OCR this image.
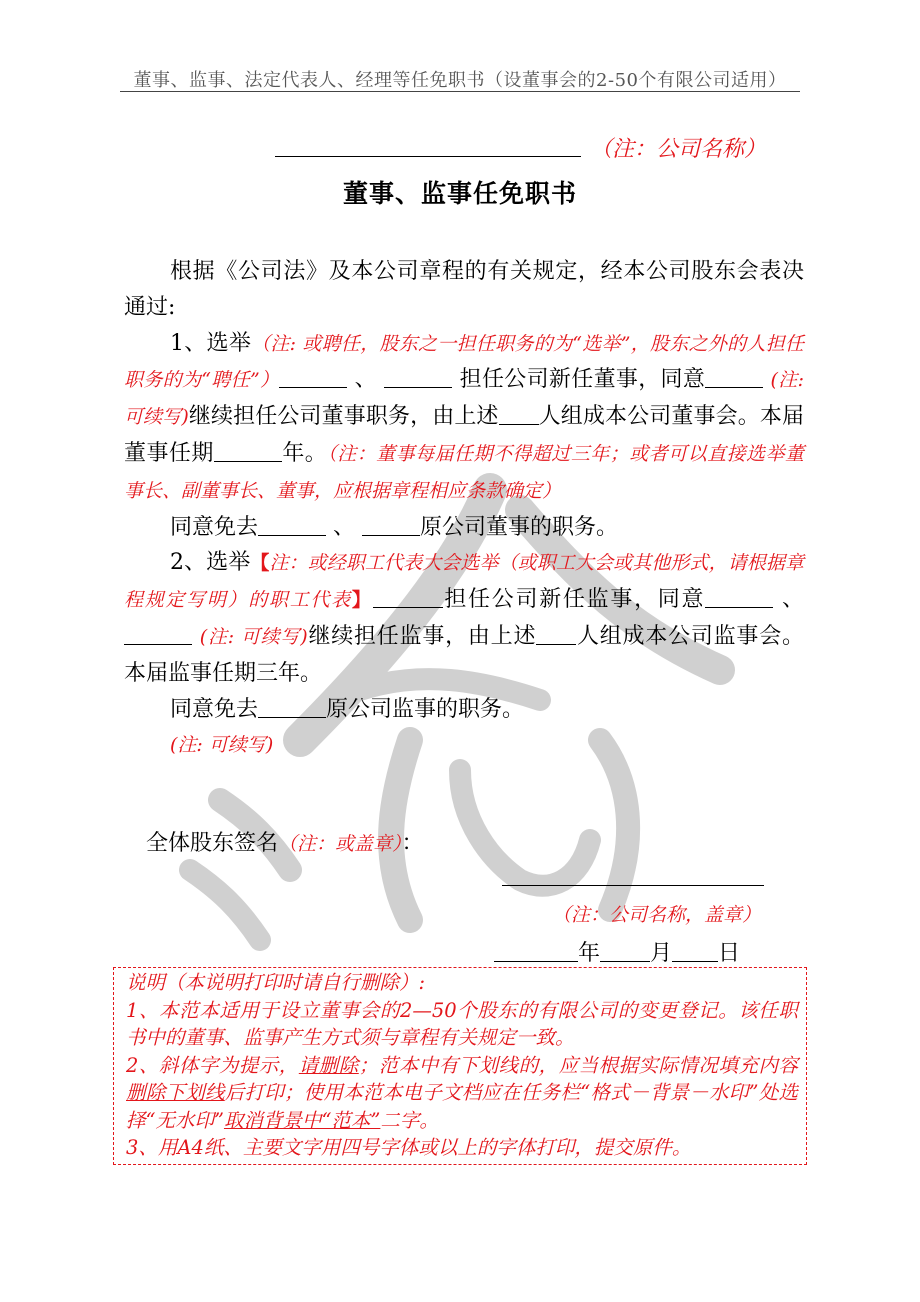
董事、监事、法定代表人、经理等任免职书（设董事会的2-50个有限公司适用）
（注：公司名称）
董事、监事任免职书

根据《公司法》及本公司章程的有关规定，经本公司股东会表决通过:

1、选举（注: 或聘任，股东之一担任职务的为“选举”，股东之外的人担任职务的为“聘任”）	、	担任公司新任董事，同意	(注: 可续写)继续担任公司董事职务，由上述 人组成本公司董事会。本届董事任期	年。（注：董事每届任期不得超过三年；或者可以直接选举董事长、副董事长、董事，应根据章程相应条款确定）

同意免去	、	原公司董事的职务。

2、选举【注：或经职工代表大会选举（或职工大会或其他形式，请根据章程规定写明）的职工代表】	担任公司新任监事，同意	、  (注: 可续写)继续担任监事，由上述 人组成本公司监事会。本届监事任期三年。

同意免去	原公司监事的职务。

(注: 可续写)

全体股东签名（注：或盖章）：
（注：公司名称，盖章）
年 月 日

说明（本说明打印时请自行删除）:

1、本范本适用于设立董事会的2—50个股东的有限公司的变更登记。该任职书中的董事、监事产生方式须与章程有关规定一致。

2、斜体字为提示，请删除；范本中有下划线的，应当根据实际情况填充内容删除下划线后打印；使用本范本电子文档应在任务栏“格式－背景－水印”处选择“无水印”取消背景中“范本”二字。

3、用A4纸、主要文字用四号字体或以上的字体打印，提交原件。
